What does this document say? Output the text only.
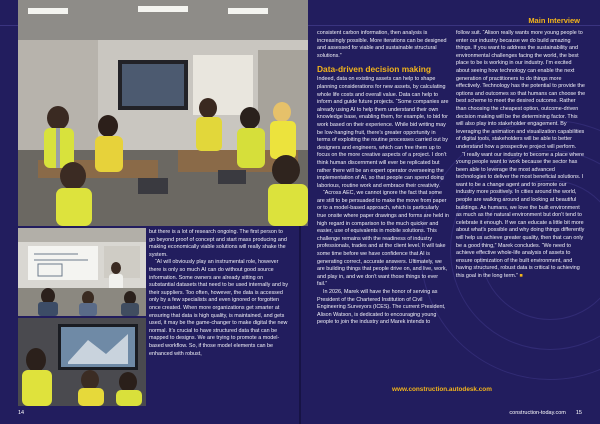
Main Interview

but there is a lot of research ongoing. The first person to go beyond proof of concept and start mass producing and making economically viable solutions will really shake the system.

“AI will obviously play an instrumental role, however there is only so much AI can do without good source information. Some owners are already sitting on substantial datasets that need to be used internally and by their suppliers. Too often, however, the data is accessed only by a few specialists and even ignored or forgotten once created. When more organizations get smarter at ensuring that data is high quality, is maintained, and gets used, it may be the game-changer to make digital the new normal. It’s crucial to have structured data that can be mapped to designs. We are trying to promote a model-based workflow. So, if those model elements can be enhanced with robust,

consistent carbon information, then analysis is increasingly possible. More iterations can be designed and assessed for viable and sustainable structural solutions.”

Data-driven decision making

Indeed, data on existing assets can help to shape planning considerations for new assets, by calculating whole life costs and overall value. Data can help to inform and guide future projects. “Some companies are already using AI to help them understand their own knowledge base, enabling them, for example, to bid for work based on their experience. While bid writing may be low-hanging fruit, there’s greater opportunity in terms of exploiting the routine processes carried out by designers and engineers, which can free them up to focus on the more creative aspects of a project. I don’t think human discernment will ever be replicated but rather there will be an expert operator overseeing the implementation of AI, so that people can spend doing laborious, routine work and embrace their creativity.

“Across AEC, we cannot ignore the fact that some are still to be persuaded to make the move from paper or to a model-based approach, which is particularly true onsite where paper drawings and forms are held in high regard in comparison to the much quicker and easier, use of equivalents in mobile solutions. This challenge remains with the readiness of industry professionals, trades and at the client level. It will take some time before we have confidence that AI is generating correct, accurate answers. Ultimately, we are building things that people drive on, and live, work, and play in, and we don’t want those things to ever fail.”

In 2026, Marek will have the honor of serving as President of the Chartered Institution of Civil Engineering Surveyors (ICES). The current President, Alison Watson, is dedicated to encouraging young people to join the industry and Marek intends to

follow suit. “Alison really wants more young people to enter our industry because we do build amazing things. If you want to address the sustainability and environmental challenges facing the world, the best place to be is working in our industry. I’m excited about seeing how technology can enable the next generation of practitioners to do things more effectively. Technology has the potential to provide the options and outcomes so that humans can choose the best scheme to meet the desired outcome. Rather than choosing the cheapest option, outcome-driven decision making will be the determining factor. This will also play into stakeholder engagement. By leveraging the animation and visualization capabilities of digital tools, stakeholders will be able to better understand how a prospective project will perform.

“I really want our industry to become a place where young people want to work because the sector has been able to leverage the most advanced technologies to deliver the most beneficial solutions. I want to be a change agent and to promote our industry more positively. In cities around the world, people are walking around and looking at beautiful buildings. As humans, we love the built environment as much as the natural environment but don’t tend to celebrate it enough. If we can educate a little bit more about what’s possible and why doing things differently will help us achieve greater quality, then that can only be a good thing,” Marek concludes. “We need to achieve effective whole-life analysis of assets to ensure optimization of the built environment, and having structured, robust data is critical to achieving this goal in the long term.” ■

www.construction.autodesk.com
14	construction-today.com 15
